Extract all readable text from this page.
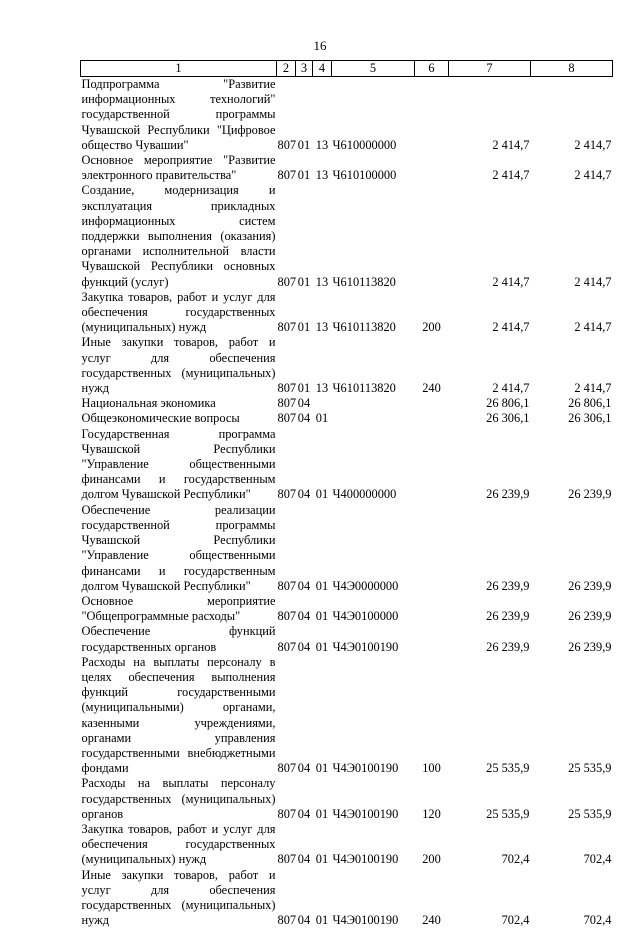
16
1	2	3	4	5	6	7	8
Подпрограмма "Развитие информационных технологий" государственной программы Чувашской Республики "Цифровое общество Чувашии"	807	01	13	Ч610000000		2 414,7	2 414,7
Основное мероприятие "Развитие электронного правительства"	807	01	13	Ч610100000		2 414,7	2 414,7
Создание, модернизация и эксплуатация прикладных информационных систем поддержки выполнения (оказания) органами исполнительной власти Чувашской Республики основных функций (услуг)	807	01	13	Ч610113820		2 414,7	2 414,7
Закупка товаров, работ и услуг для обеспечения государственных (муниципальных) нужд	807	01	13	Ч610113820	200	2 414,7	2 414,7
Иные закупки товаров, работ и услуг для обеспечения государственных (муниципальных) нужд	807	01	13	Ч610113820	240	2 414,7	2 414,7
Национальная экономика	807	04				26 806,1	26 806,1
Общеэкономические вопросы	807	04	01			26 306,1	26 306,1
Государственная программа Чувашской Республики "Управление общественными финансами и государственным долгом Чувашской Республики"	807	04	01	Ч400000000		26 239,9	26 239,9
Обеспечение реализации государственной программы Чувашской Республики "Управление общественными финансами и государственным долгом Чувашской Республики"	807	04	01	Ч4Э0000000		26 239,9	26 239,9
Основное мероприятие "Общепрограммные расходы"	807	04	01	Ч4Э0100000		26 239,9	26 239,9
Обеспечение функций государственных органов	807	04	01	Ч4Э0100190		26 239,9	26 239,9
Расходы на выплаты персоналу в целях обеспечения выполнения функций государственными (муниципальными) органами, казенными учреждениями, органами управления государственными внебюджетными фондами	807	04	01	Ч4Э0100190	100	25 535,9	25 535,9
Расходы на выплаты персоналу государственных (муниципальных) органов	807	04	01	Ч4Э0100190	120	25 535,9	25 535,9
Закупка товаров, работ и услуг для обеспечения государственных (муниципальных) нужд	807	04	01	Ч4Э0100190	200	702,4	702,4
Иные закупки товаров, работ и услуг для обеспечения государственных (муниципальных) нужд	807	04	01	Ч4Э0100190	240	702,4	702,4
